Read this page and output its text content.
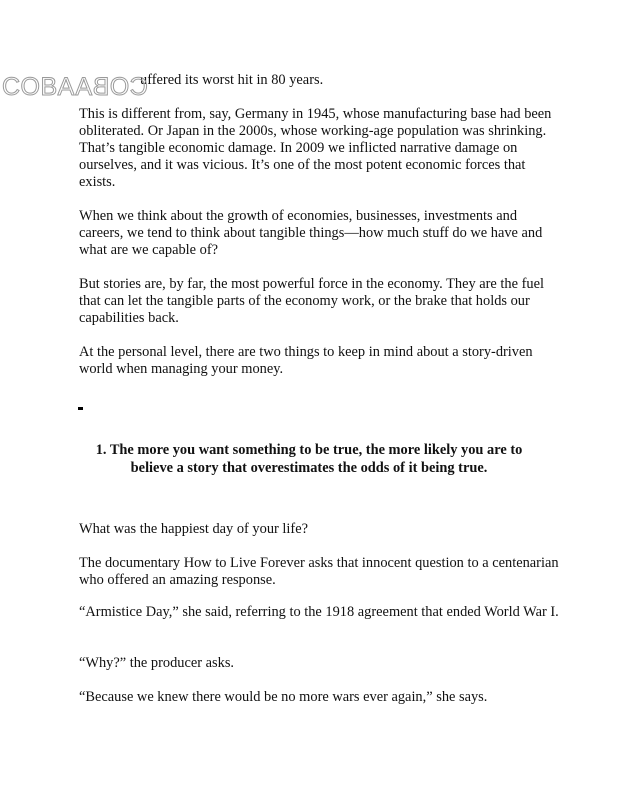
COBACOBA
uffered its worst hit in 80 years.

This is different from, say, Germany in 1945, whose manufacturing base had been obliterated. Or Japan in the 2000s, whose working-age population was shrinking. That’s tangible economic damage. In 2009 we inflicted narrative damage on ourselves, and it was vicious. It’s one of the most potent economic forces that exists.

When we think about the growth of economies, businesses, investments and careers, we tend to think about tangible things—how much stuff do we have and what are we capable of?

But stories are, by far, the most powerful force in the economy. They are the fuel that can let the tangible parts of the economy work, or the brake that holds our capabilities back.

At the personal level, there are two things to keep in mind about a story-driven world when managing your money.

1. The more you want something to be true, the more likely you are to believe a story that overestimates the odds of it being true.

What was the happiest day of your life?

The documentary How to Live Forever asks that innocent question to a centenarian who offered an amazing response.

“Armistice Day,” she said, referring to the 1918 agreement that ended World War I.

“Why?” the producer asks.

“Because we knew there would be no more wars ever again,” she says.
